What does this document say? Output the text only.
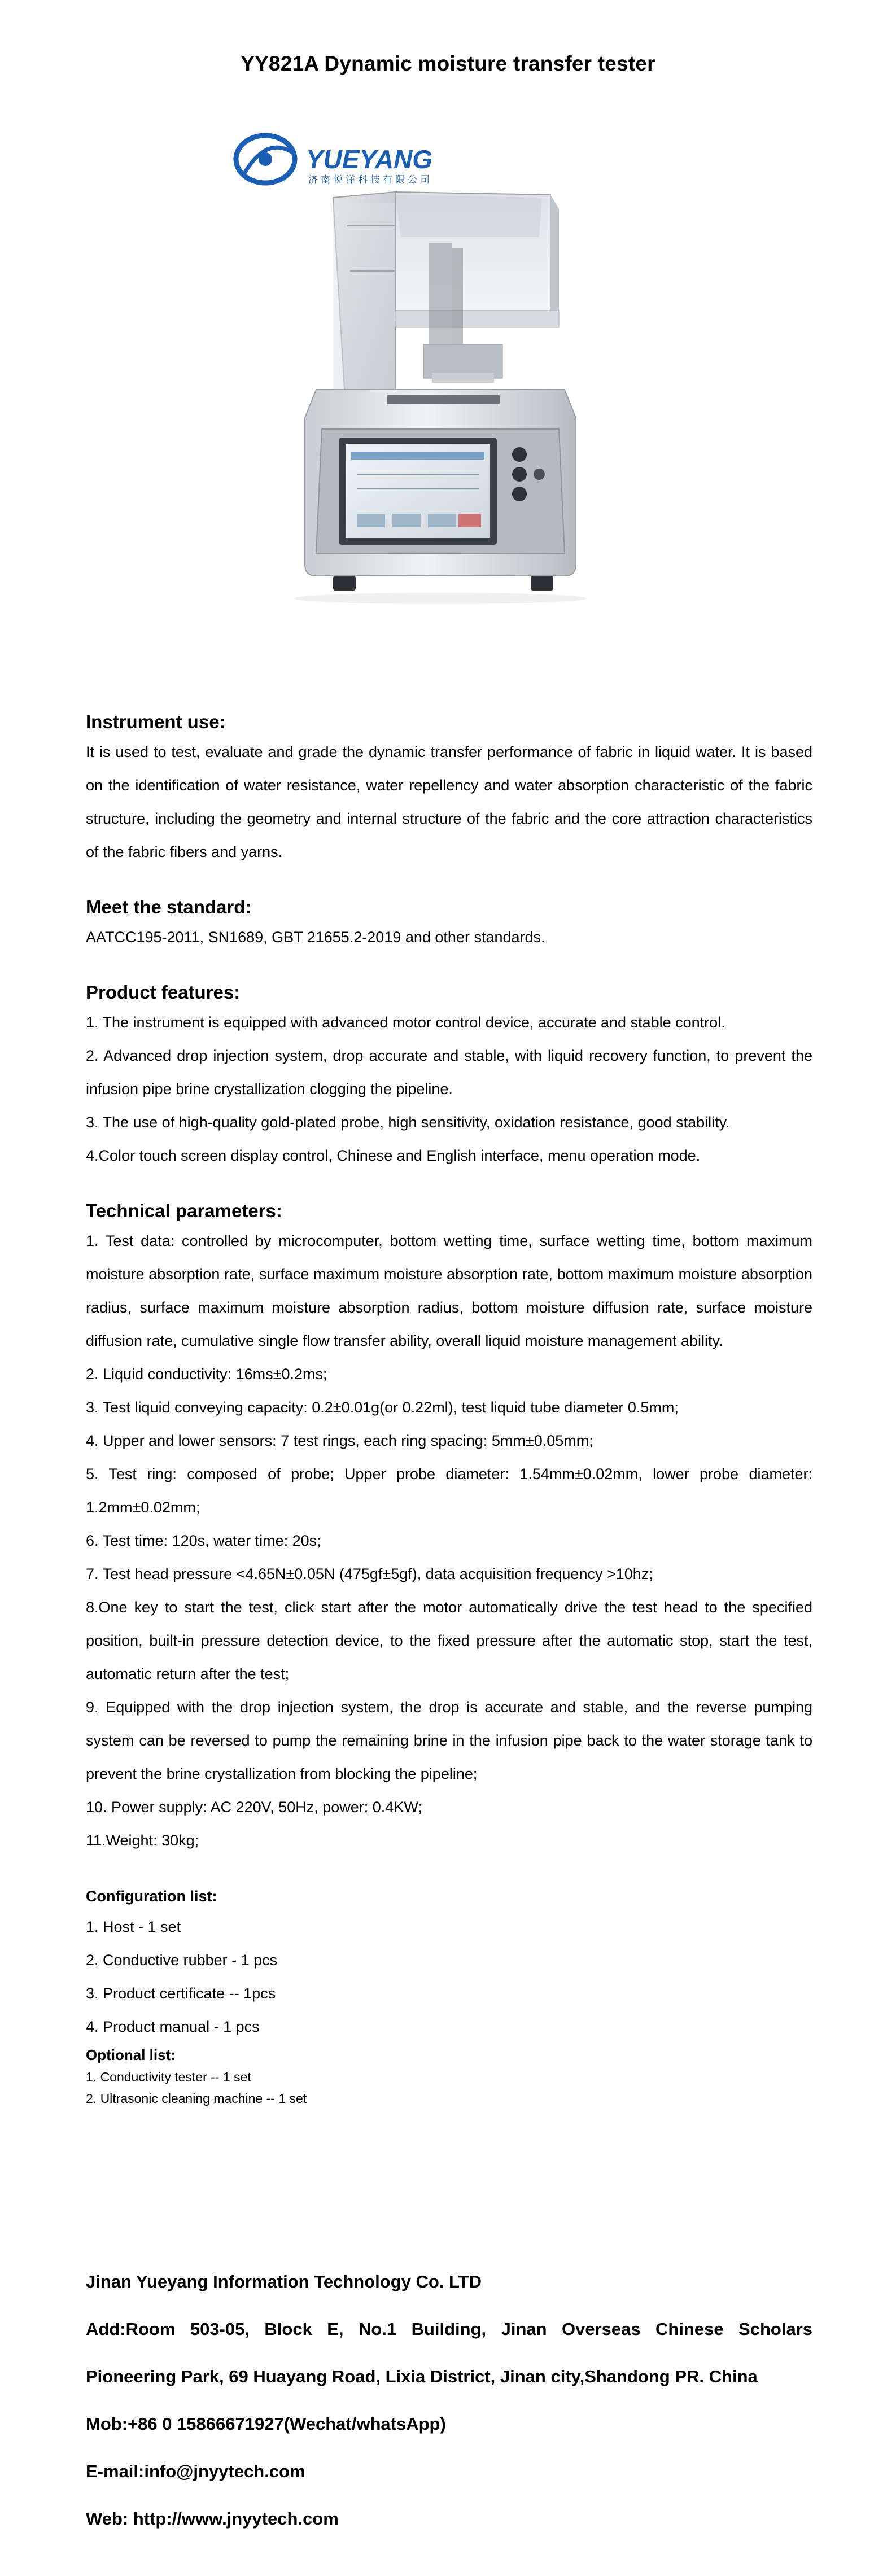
YY821A Dynamic moisture transfer tester
YUEYANG
济南悦洋科技有限公司
Instrument use:

It is used to test, evaluate and grade the dynamic transfer performance of fabric in liquid water. It is based on the identification of water resistance, water repellency and water absorption characteristic of the fabric structure, including the geometry and internal structure of the fabric and the core attraction characteristics of the fabric fibers and yarns.

Meet the standard:

AATCC195-2011, SN1689, GBT 21655.2-2019 and other standards.

Product features:

1. The instrument is equipped with advanced motor control device, accurate and stable control.

2. Advanced drop injection system, drop accurate and stable, with liquid recovery function, to prevent the infusion pipe brine crystallization clogging the pipeline.

3. The use of high-quality gold-plated probe, high sensitivity, oxidation resistance, good stability.

4.Color touch screen display control, Chinese and English interface, menu operation mode.

Technical parameters:

1. Test data: controlled by microcomputer, bottom wetting time, surface wetting time, bottom maximum moisture absorption rate, surface maximum moisture absorption rate, bottom maximum moisture absorption radius, surface maximum moisture absorption radius, bottom moisture diffusion rate, surface moisture diffusion rate, cumulative single flow transfer ability, overall liquid moisture management ability.

2. Liquid conductivity: 16ms±0.2ms;

3. Test liquid conveying capacity: 0.2±0.01g(or 0.22ml), test liquid tube diameter 0.5mm;

4. Upper and lower sensors: 7 test rings, each ring spacing: 5mm±0.05mm;

5. Test ring: composed of probe; Upper probe diameter: 1.54mm±0.02mm, lower probe diameter: 1.2mm±0.02mm;

6. Test time: 120s, water time: 20s;

7. Test head pressure <4.65N±0.05N (475gf±5gf), data acquisition frequency >10hz;

8.One key to start the test, click start after the motor automatically drive the test head to the specified position, built-in pressure detection device, to the fixed pressure after the automatic stop, start the test, automatic return after the test;

9. Equipped with the drop injection system, the drop is accurate and stable, and the reverse pumping system can be reversed to pump the remaining brine in the infusion pipe back to the water storage tank to prevent the brine crystallization from blocking the pipeline;

10. Power supply: AC 220V, 50Hz, power: 0.4KW;

11.Weight: 30kg;

Configuration list:

1. Host - 1 set

2. Conductive rubber - 1 pcs

3. Product certificate -- 1pcs

4. Product manual - 1 pcs

Optional list:

1. Conductivity tester -- 1 set

2. Ultrasonic cleaning machine -- 1 set

Jinan Yueyang Information Technology Co. LTD

Add:Room 503-05, Block E, No.1 Building, Jinan Overseas Chinese Scholars Pioneering Park, 69 Huayang Road, Lixia District, Jinan city,Shandong PR. China

Mob:+86 0 15866671927(Wechat/whatsApp)

E-mail:info@jnyytech.com

Web: http://www.jnyytech.com
